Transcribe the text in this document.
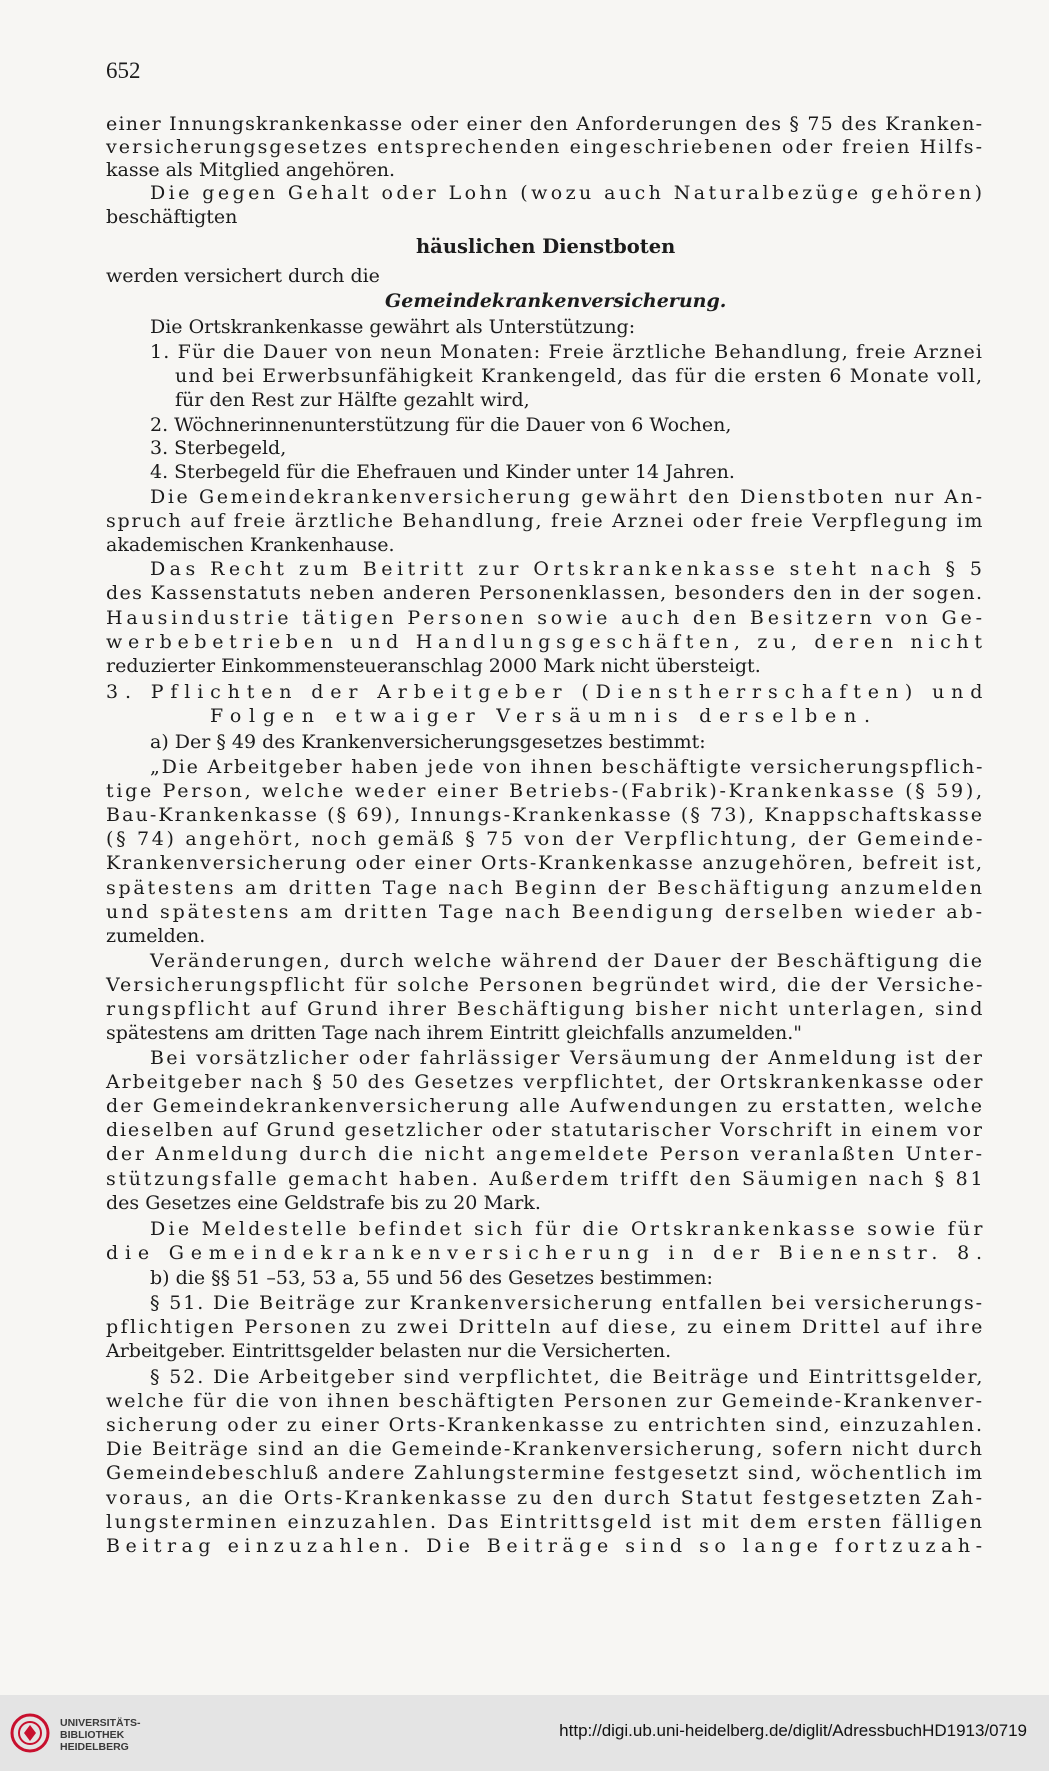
652
einer Innungskrankenkasse oder einer den Anforderungen des § 75 des Kranken-
versicherungsgesetzes entsprechenden eingeschriebenen oder freien Hilfs-
kasse als Mitglied angehören.
Die gegen Gehalt oder Lohn (wozu auch Naturalbezüge gehören)
beschäftigten
häuslichen Dienstboten
werden versichert durch die
Gemeindekrankenversicherung.
Die Ortskrankenkasse gewährt als Unterstützung:
1. Für die Dauer von neun Monaten: Freie ärztliche Behandlung, freie Arznei
und bei Erwerbsunfähigkeit Krankengeld, das für die ersten 6 Monate voll,
für den Rest zur Hälfte gezahlt wird,
2. Wöchnerinnenunterstützung für die Dauer von 6 Wochen,
3. Sterbegeld,
4. Sterbegeld für die Ehefrauen und Kinder unter 14 Jahren.
Die Gemeindekrankenversicherung gewährt den Dienstboten nur An-
spruch auf freie ärztliche Behandlung, freie Arznei oder freie Verpflegung im
akademischen Krankenhause.
Das Recht zum Beitritt zur Ortskrankenkasse steht nach § 5
des Kassenstatuts neben anderen Personenklassen, besonders den in der sogen.
Hausindustrie tätigen Personen sowie auch den Besitzern von Ge-
werbebetrieben und Handlungsgeschäften, zu, deren nicht
reduzierter Einkommensteueranschlag 2000 Mark nicht übersteigt.
3. Pflichten der Arbeitgeber (Dienstherrschaften) und
Folgen etwaiger Versäumnis derselben.
a) Der § 49 des Krankenversicherungsgesetzes bestimmt:
„Die Arbeitgeber haben jede von ihnen beschäftigte versicherungspflich-
tige Person, welche weder einer Betriebs-(Fabrik)-Krankenkasse (§ 59),
Bau-Krankenkasse (§ 69), Innungs-Krankenkasse (§ 73), Knappschaftskasse
(§ 74) angehört, noch gemäß § 75 von der Verpflichtung, der Gemeinde-
Krankenversicherung oder einer Orts-Krankenkasse anzugehören, befreit ist,
spätestens am dritten Tage nach Beginn der Beschäftigung anzumelden
und spätestens am dritten Tage nach Beendigung derselben wieder ab-
zumelden.
Veränderungen, durch welche während der Dauer der Beschäftigung die
Versicherungspflicht für solche Personen begründet wird, die der Versiche-
rungspflicht auf Grund ihrer Beschäftigung bisher nicht unterlagen, sind
spätestens am dritten Tage nach ihrem Eintritt gleichfalls anzumelden."
Bei vorsätzlicher oder fahrlässiger Versäumung der Anmeldung ist der
Arbeitgeber nach § 50 des Gesetzes verpflichtet, der Ortskrankenkasse oder
der Gemeindekrankenversicherung alle Aufwendungen zu erstatten, welche
dieselben auf Grund gesetzlicher oder statutarischer Vorschrift in einem vor
der Anmeldung durch die nicht angemeldete Person veranlaßten Unter-
stützungsfalle gemacht haben. Außerdem trifft den Säumigen nach § 81
des Gesetzes eine Geldstrafe bis zu 20 Mark.
Die Meldestelle befindet sich für die Ortskrankenkasse sowie für
die Gemeindekrankenversicherung in der Bienenstr. 8.
b) die §§ 51 –53, 53 a, 55 und 56 des Gesetzes bestimmen:
§ 51. Die Beiträge zur Krankenversicherung entfallen bei versicherungs-
pflichtigen Personen zu zwei Dritteln auf diese, zu einem Drittel auf ihre
Arbeitgeber. Eintrittsgelder belasten nur die Versicherten.
§ 52. Die Arbeitgeber sind verpflichtet, die Beiträge und Eintrittsgelder,
welche für die von ihnen beschäftigten Personen zur Gemeinde-Krankenver-
sicherung oder zu einer Orts-Krankenkasse zu entrichten sind, einzuzahlen.
Die Beiträge sind an die Gemeinde-Krankenversicherung, sofern nicht durch
Gemeindebeschluß andere Zahlungstermine festgesetzt sind, wöchentlich im
voraus, an die Orts-Krankenkasse zu den durch Statut festgesetzten Zah-
lungsterminen einzuzahlen. Das Eintrittsgeld ist mit dem ersten fälligen
Beitrag einzuzahlen. Die Beiträge sind so lange fortzuzah-
UNIVERSITÄTS-
BIBLIOTHEK
HEIDELBERG
http://digi.ub.uni-heidelberg.de/diglit/AdressbuchHD1913/0719
